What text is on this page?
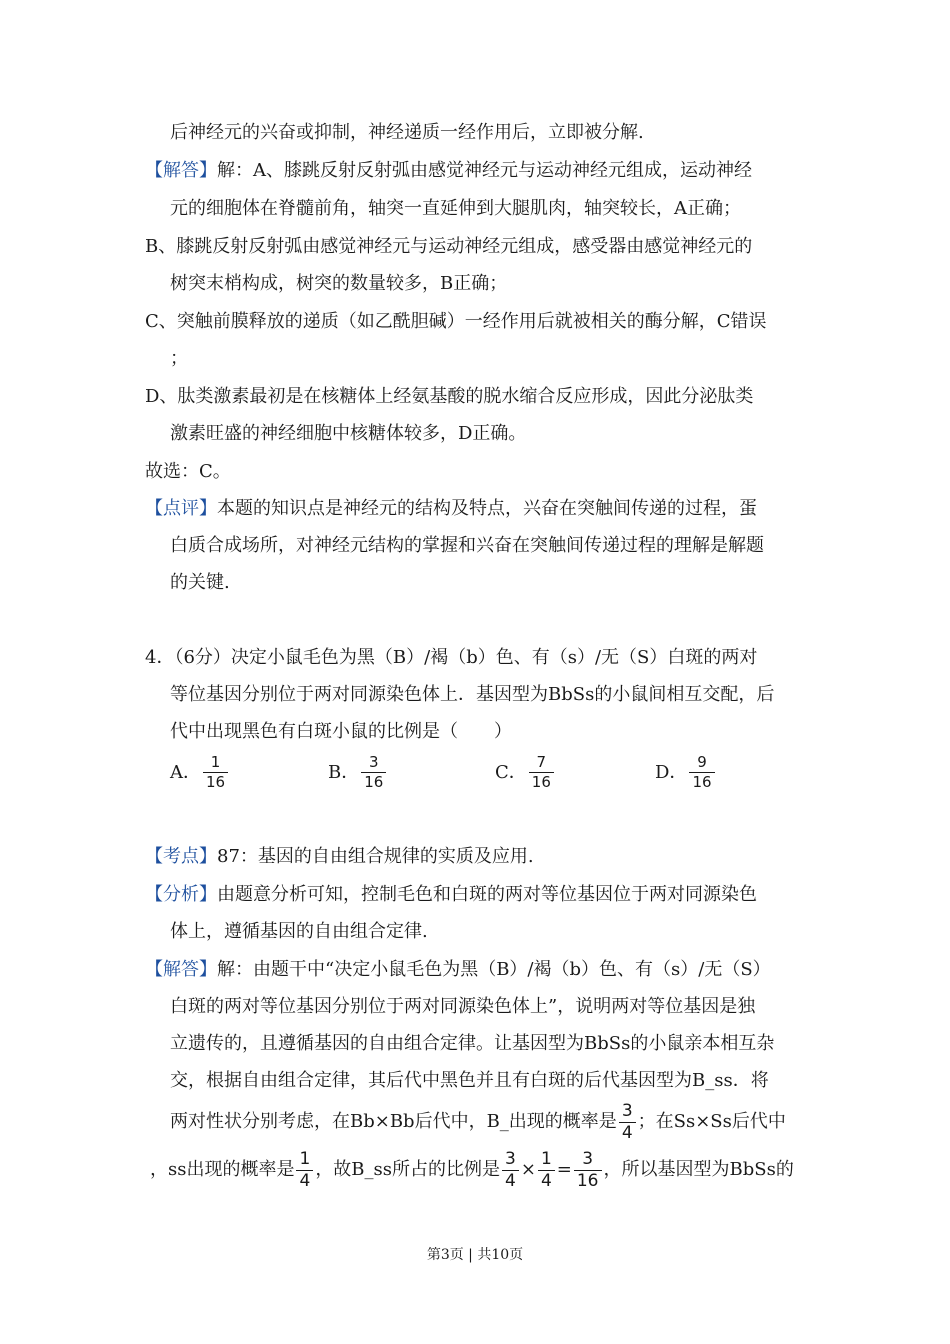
后神经元的兴奋或抑制，神经递质一经作用后，立即被分解.
【解答】解：A、膝跳反射反射弧由感觉神经元与运动神经元组成，运动神经
元的细胞体在脊髓前角，轴突一直延伸到大腿肌肉，轴突较长，A正确；
B、膝跳反射反射弧由感觉神经元与运动神经元组成，感受器由感觉神经元的
树突末梢构成，树突的数量较多，B正确；
C、突触前膜释放的递质（如乙酰胆碱）一经作用后就被相关的酶分解，C错误
；
D、肽类激素最初是在核糖体上经氨基酸的脱水缩合反应形成，因此分泌肽类
激素旺盛的神经细胞中核糖体较多，D正确。
故选：C。
【点评】本题的知识点是神经元的结构及特点，兴奋在突触间传递的过程，蛋
白质合成场所，对神经元结构的掌握和兴奋在突触间传递过程的理解是解题
的关键.
4．（6分）决定小鼠毛色为黑（B）/褐（b）色、有（s）/无（S）白斑的两对
等位基因分别位于两对同源染色体上．基因型为BbSs的小鼠间相互交配，后
代中出现黑色有白斑小鼠的比例是（　　）
A． $\frac{1}{16}$	B． $\frac{3}{16}$	C． $\frac{7}{16}$	D． $\frac{9}{16}$
【考点】87：基因的自由组合规律的实质及应用.
【分析】由题意分析可知，控制毛色和白斑的两对等位基因位于两对同源染色
体上，遵循基因的自由组合定律.
【解答】解：由题干中“决定小鼠毛色为黑（B）/褐（b）色、有（s）/无（S）
白斑的两对等位基因分别位于两对同源染色体上”，说明两对等位基因是独
立遗传的，且遵循基因的自由组合定律。让基因型为BbSs的小鼠亲本相互杂
交，根据自由组合定律，其后代中黑色并且有白斑的后代基因型为B_ss．将
两对性状分别考虑，在Bb×Bb后代中，B_出现的概率是 $\frac{3}{4}$ ；在Ss×Ss后代中
，ss出现的概率是 $\frac{1}{4}$ ，故B_ss所占的比例是 $\frac{3}{4} \times \frac{1}{4} = \frac{3}{16}$ ，所以基因型为BbSs的
第3页 | 共10页
